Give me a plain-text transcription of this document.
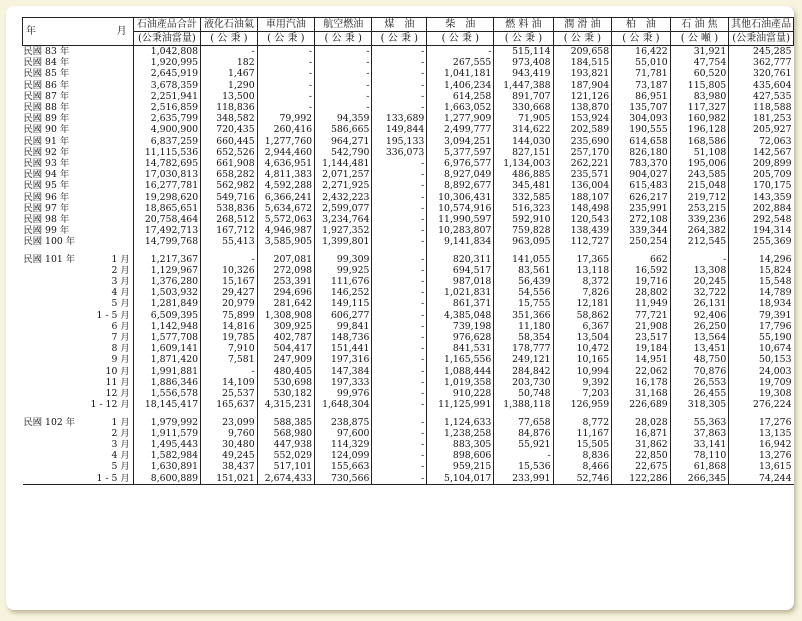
年	月	石油產品合計	液化石油氣	車用汽油	航空燃油	煤　油	柴　油	燃 料 油	潤 滑 油	柏　油	石 油 焦	其他石油產品
		(公秉油當量)	( 公 秉 )	( 公 秉 )	( 公 秉 )	( 公 秉 )	( 公 秉 )	( 公 秉 )	( 公 秉 )	( 公 秉 )	( 公 噸 )	(公秉油當量)
民國 83 年		1,042,808	-	-	-	-	-	515,114	209,658	16,422	31,921	245,285
民國 84 年		1,920,995	182	-	-	-	267,555	973,408	184,515	55,010	47,754	362,777
民國 85 年		2,645,919	1,467	-	-	-	1,041,181	943,419	193,821	71,781	60,520	320,761
民國 86 年		3,678,359	1,290	-	-	-	1,406,234	1,447,388	187,904	73,187	115,805	435,604
民國 87 年		2,251,941	13,500	-	-	-	614,258	891,707	121,126	86,951	83,980	427,535
民國 88 年		2,516,859	118,836	-	-	-	1,663,052	330,668	138,870	135,707	117,327	118,588
民國 89 年		2,635,799	348,582	79,992	94,359	133,689	1,277,909	71,905	153,924	304,093	160,982	181,253
民國 90 年		4,900,900	720,435	260,416	586,665	149,844	2,499,777	314,622	202,589	190,555	196,128	205,927
民國 91 年		6,837,259	660,445	1,277,760	964,271	195,133	3,094,251	144,030	235,690	614,658	168,586	72,063
民國 92 年		11,115,536	652,526	2,944,460	542,790	336,073	5,377,597	827,151	257,170	826,180	51,108	142,567
民國 93 年		14,782,695	661,908	4,636,951	1,144,481	-	6,976,577	1,134,003	262,221	783,370	195,006	209,899
民國 94 年		17,030,813	658,282	4,811,383	2,071,257	-	8,927,049	486,885	235,571	904,027	243,585	205,709
民國 95 年		16,277,781	562,982	4,592,288	2,271,925	-	8,892,677	345,481	136,004	615,483	215,048	170,175
民國 96 年		19,298,620	549,716	6,366,241	2,432,223	-	10,306,431	332,585	188,107	626,217	219,712	143,359
民國 97 年		18,865,651	538,836	5,634,672	2,599,077	-	10,574,916	516,323	148,498	235,991	253,215	202,884
民國 98 年		20,758,464	268,512	5,572,063	3,234,764	-	11,990,597	592,910	120,543	272,108	339,236	292,548
民國 99 年		17,492,713	167,712	4,946,987	1,927,352	-	10,283,807	759,828	138,439	339,344	264,382	194,314
民國 100 年		14,799,768	55,413	3,585,905	1,399,801	-	9,141,834	963,095	112,727	250,254	212,545	255,369

民國 101 年	1 月	1,217,367	-	207,081	99,309	-	820,311	141,055	17,365	662	-	14,296
	2 月	1,129,967	10,326	272,098	99,925	-	694,517	83,561	13,118	16,592	13,308	15,824
	3 月	1,376,280	15,167	253,391	111,676	-	987,018	56,439	8,372	19,716	20,245	15,548
	4 月	1,503,932	29,427	294,696	146,252	-	1,021,831	54,556	7,826	28,802	32,722	14,789
	5 月	1,281,849	20,979	281,642	149,115	-	861,371	15,755	12,181	11,949	26,131	18,934
	1 - 5 月	6,509,395	75,899	1,308,908	606,277	-	4,385,048	351,366	58,862	77,721	92,406	79,391
	6 月	1,142,948	14,816	309,925	99,841	-	739,198	11,180	6,367	21,908	26,250	17,796
	7 月	1,577,708	19,785	402,787	148,736	-	976,628	58,354	13,504	23,517	13,564	55,190
	8 月	1,609,141	7,910	504,417	151,441	-	841,531	178,777	10,472	19,184	13,451	10,674
	9 月	1,871,420	7,581	247,909	197,316	-	1,165,556	249,121	10,165	14,951	48,750	50,153
	10 月	1,991,881	-	480,405	147,384	-	1,088,444	284,842	10,994	22,062	70,876	24,003
	11 月	1,886,346	14,109	530,698	197,333	-	1,019,358	203,730	9,392	16,178	26,553	19,709
	12 月	1,556,578	25,537	530,182	99,976	-	910,228	50,748	7,203	31,168	26,455	19,308
	1 - 12 月	18,145,417	165,637	4,315,231	1,648,304	-	11,125,991	1,388,118	126,959	226,689	318,305	276,224

民國 102 年	1 月	1,979,992	23,099	588,385	238,875	-	1,124,633	77,658	8,772	28,028	55,363	17,276
	2 月	1,911,579	9,760	568,980	97,600	-	1,238,258	84,876	11,167	16,871	37,863	13,135
	3 月	1,495,443	30,480	447,938	114,329	-	883,305	55,921	15,505	31,862	33,141	16,942
	4 月	1,582,984	49,245	552,029	124,099	-	898,606	-	8,836	22,850	78,110	13,276
	5 月	1,630,891	38,437	517,101	155,663	-	959,215	15,536	8,466	22,675	61,868	13,615
	1 - 5 月	8,600,889	151,021	2,674,433	730,566	-	5,104,017	233,991	52,746	122,286	266,345	74,244
